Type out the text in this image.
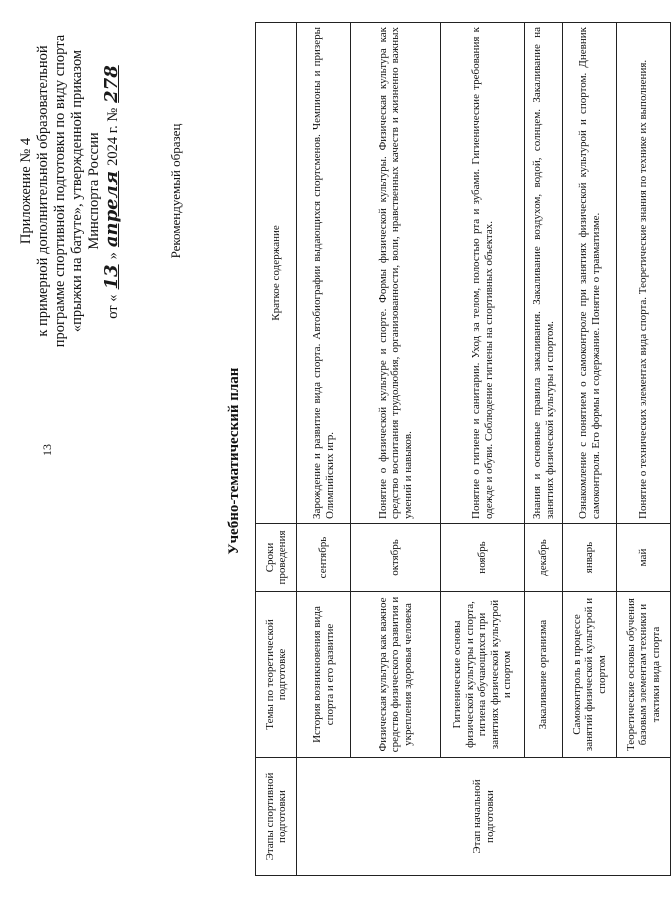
13
Приложение № 4 к примерной дополнительной образовательной программе спортивной подготовки по виду спорта «прыжки на батуте», утвержденной приказом Минспорта России
от «
13
»
апреля
2024 г. №
278
Рекомендуемый образец
Учебно-тематический план
Этапы спортивной подготовки	Темы по теоретической подготовке	Сроки проведения	Краткое содержание
Этап начальной подготовки	История возникновения вида спорта и его развитие	сентябрь	Зарождение и развитие вида спорта. Автобиографии выдающихся спортсменов. Чемпионы и призеры Олимпийских игр.
	Физическая культура как важное средство физического развития и укрепления здоровья человека	октябрь	Понятие о физической культуре и спорте. Формы физической культуры. Физическая культура как средство воспитания трудолюбия, организованности, воли, нравственных качеств и жизненно важных умений и навыков.
	Гигиенические основы физической культуры и спорта, гигиена обучающихся при занятиях физической культурой и спортом	ноябрь	Понятие о гигиене и санитарии. Уход за телом, полостью рта и зубами. Гигиенические требования к одежде и обуви. Соблюдение гигиены на спортивных объектах.
	Закаливание организма	декабрь	Знания и основные правила закаливания. Закаливание воздухом, водой, солнцем. Закаливание на занятиях физической культуры и спортом.
	Самоконтроль в процессе занятий физической культурой и спортом	январь	Ознакомление с понятием о самоконтроле при занятиях физической культурой и спортом. Дневник самоконтроля. Его формы и содержание. Понятие о травматизме.
	Теоретические основы обучения базовым элементам техники и тактики вида спорта	май	Понятие о технических элементах вида спорта. Теоретические знания по технике их выполнения.
